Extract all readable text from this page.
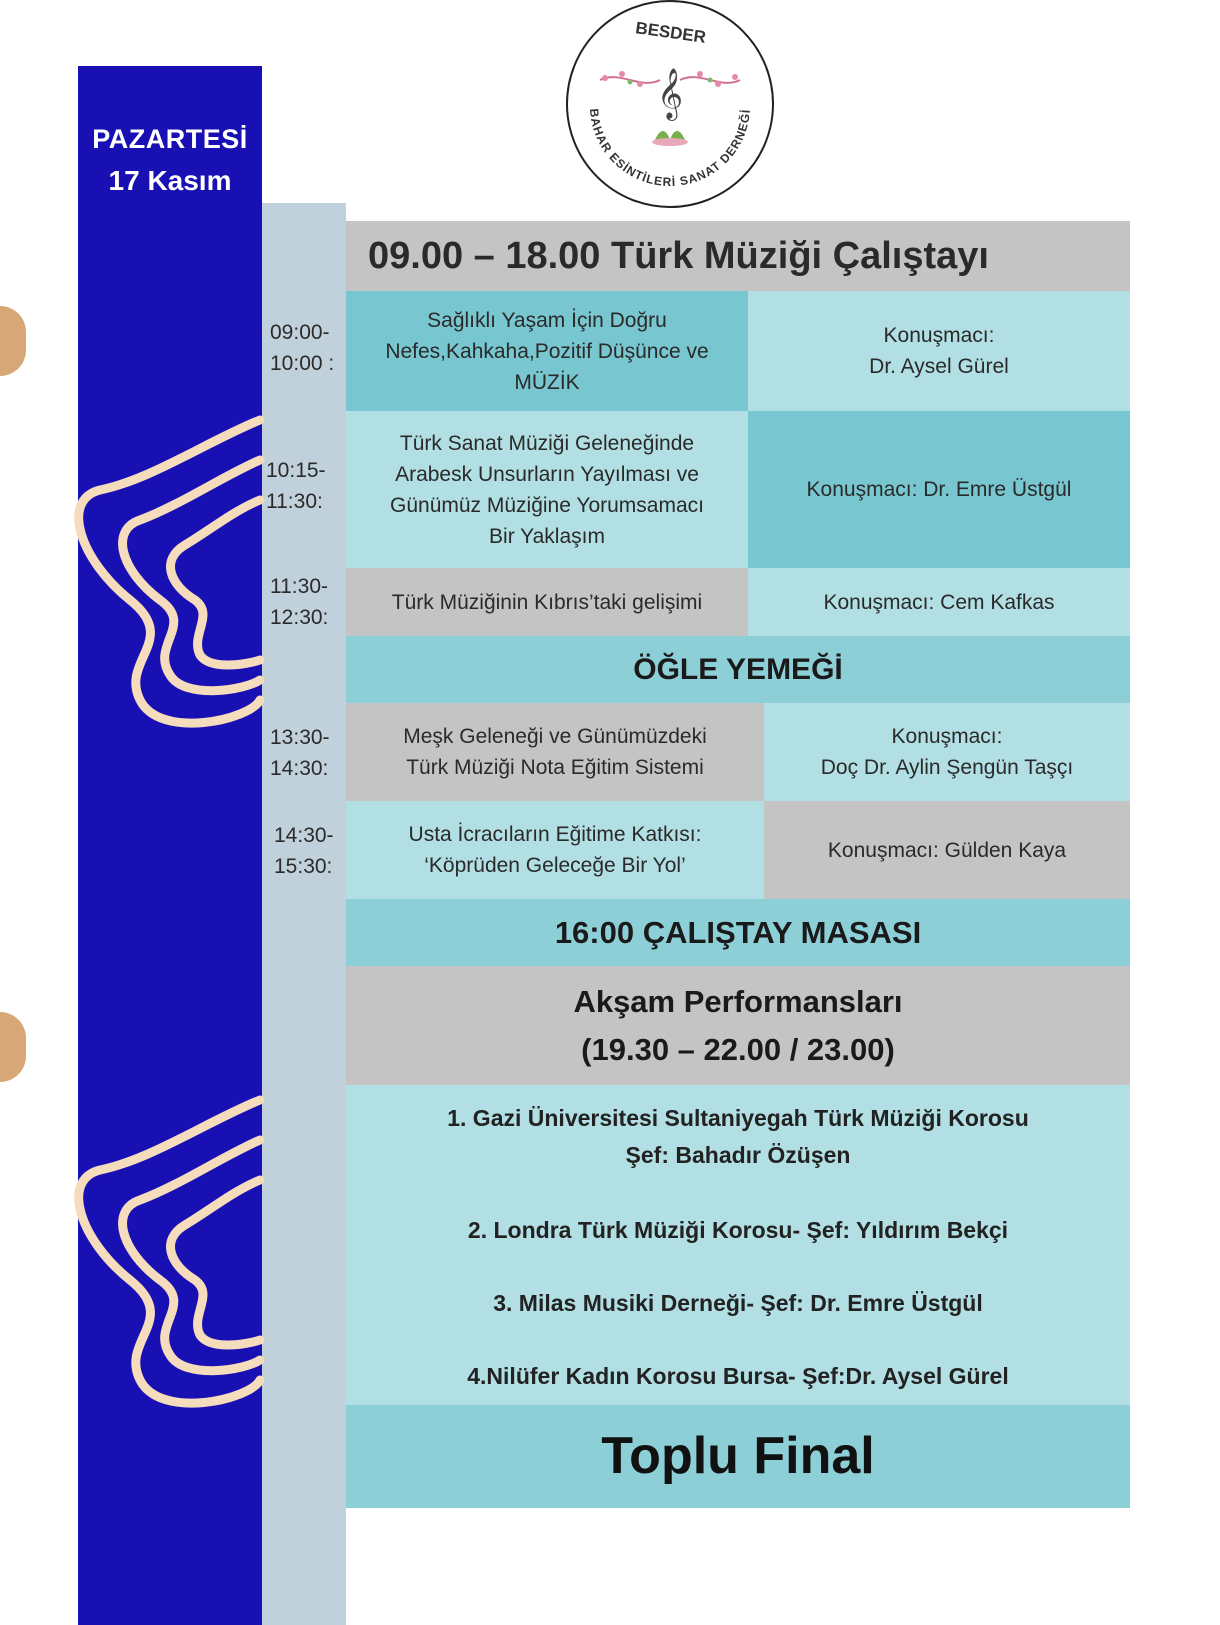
PAZARTESİ
17 Kasım
BESDER
BAHAR ESİNTİLERİ SANAT DERNEĞİ
𝄞
09.00 – 18.00 Türk Müziği Çalıştayı
09:00-
10:00 :
Sağlıklı Yaşam İçin Doğru
Nefes,Kahkaha,Pozitif Düşünce ve
MÜZİK
Konuşmacı:
Dr. Aysel Gürel
10:15-
11:30:
Türk Sanat Müziği Geleneğinde
Arabesk Unsurların Yayılması ve
Günümüz Müziğine Yorumsamacı
Bir Yaklaşım
Konuşmacı: Dr. Emre Üstgül
11:30-
12:30:
Türk Müziğinin Kıbrıs’taki gelişimi	Konuşmacı: Cem Kafkas
ÖĞLE YEMEĞİ
13:30-
14:30:
Meşk Geleneği ve Günümüzdeki
Türk Müziği Nota Eğitim Sistemi
Konuşmacı:
Doç Dr. Aylin Şengün Taşçı
14:30-
15:30:
Usta İcracıların Eğitime Katkısı:
‘Köprüden Geleceğe Bir Yol’
Konuşmacı: Gülden Kaya
16:00 ÇALIŞTAY MASASI
Akşam Performansları
(19.30 – 22.00 / 23.00)
1. Gazi Üniversitesi Sultaniyegah Türk Müziği Korosu
Şef: Bahadır Özüşen
2. Londra Türk Müziği Korosu- Şef: Yıldırım Bekçi
3. Milas Musiki Derneği- Şef: Dr. Emre Üstgül
4.Nilüfer Kadın Korosu Bursa- Şef:Dr. Aysel Gürel
Toplu Final
